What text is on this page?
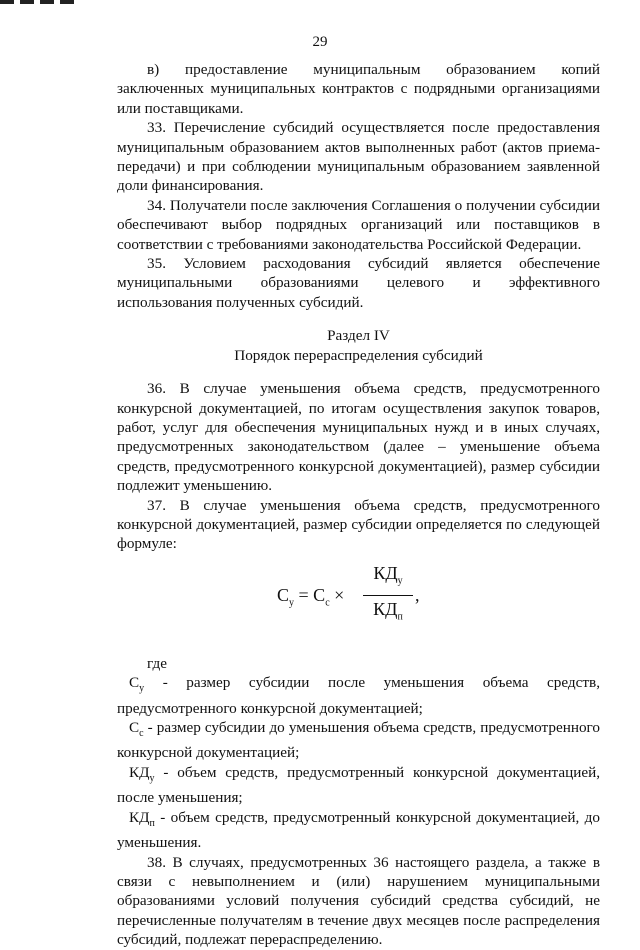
29

в) предоставление муниципальным образованием копий заключенных муниципальных контрактов с подрядными организациями или поставщиками.

33. Перечисление субсидий осуществляется после предоставления муниципальным образованием актов выполненных работ (актов приема-передачи) и при соблюдении муниципальным образованием заявленной доли финансирования.

34. Получатели после заключения Соглашения о получении субсидии обеспечивают выбор подрядных организаций или поставщиков в соответствии с требованиями законодательства Российской Федерации.

35. Условием расходования субсидий является обеспечение муниципальными образованиями целевого и эффективного использования полученных субсидий.

Раздел IV

Порядок перераспределения субсидий

36. В случае уменьшения объема средств, предусмотренного конкурсной документацией, по итогам осуществления закупок товаров, работ, услуг для обеспечения муниципальных нужд и в иных случаях, предусмотренных законодательством (далее – уменьшение объема средств, предусмотренного конкурсной документацией), размер субсидии подлежит уменьшению.

37. В случае уменьшения объема средств, предусмотренного конкурсной документацией, размер субсидии определяется по следующей формуле:

$С_у = С_с$ ×
$КД_у$
$КД_п$
,

где

$С_у$ - размер субсидии после уменьшения объема средств, предусмотренного конкурсной документацией;

$С_с$ - размер субсидии до уменьшения объема средств, предусмотренного конкурсной документацией;

$КД_у$ - объем средств, предусмотренный конкурсной документацией, после уменьшения;

$КД_п$ - объем средств, предусмотренный конкурсной документацией, до уменьшения.

38. В случаях, предусмотренных 36 настоящего раздела, а также в связи с невыполнением и (или) нарушением муниципальными образованиями условий получения субсидий средства субсидий, не перечисленные получателям в течение двух месяцев после распределения субсидий, подлежат перераспределению.
